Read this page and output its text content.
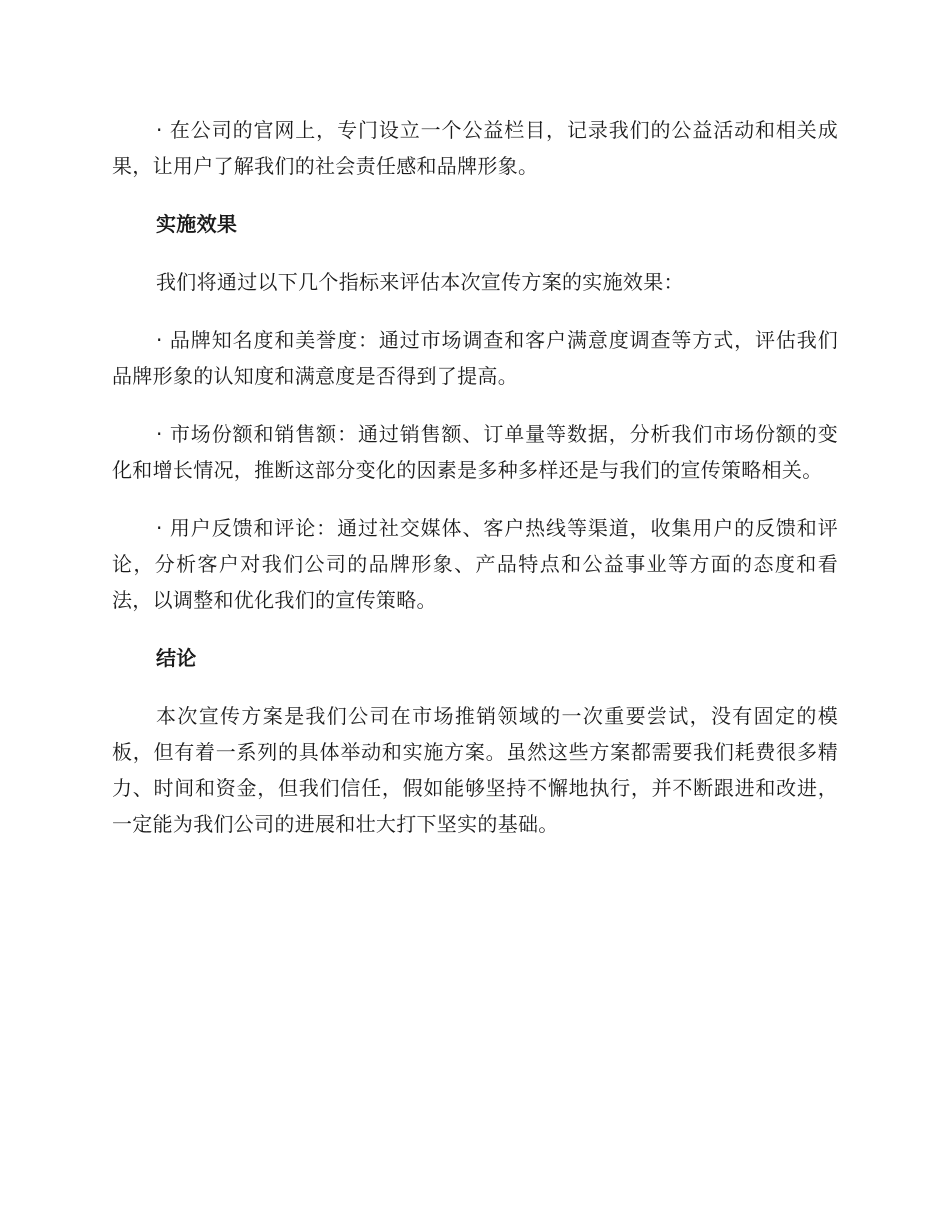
· 在公司的官网上，专门设立一个公益栏目，记录我们的公益活动和相关成果，让用户了解我们的社会责任感和品牌形象。

实施效果

我们将通过以下几个指标来评估本次宣传方案的实施效果：

· 品牌知名度和美誉度：通过市场调查和客户满意度调查等方式，评估我们品牌形象的认知度和满意度是否得到了提高。

· 市场份额和销售额：通过销售额、订单量等数据，分析我们市场份额的变化和增长情况，推断这部分变化的因素是多种多样还是与我们的宣传策略相关。

· 用户反馈和评论：通过社交媒体、客户热线等渠道，收集用户的反馈和评论，分析客户对我们公司的品牌形象、产品特点和公益事业等方面的态度和看法，以调整和优化我们的宣传策略。

结论

本次宣传方案是我们公司在市场推销领域的一次重要尝试，没有固定的模板，但有着一系列的具体举动和实施方案。虽然这些方案都需要我们耗费很多精力、时间和资金，但我们信任，假如能够坚持不懈地执行，并不断跟进和改进，一定能为我们公司的进展和壮大打下坚实的基础。
